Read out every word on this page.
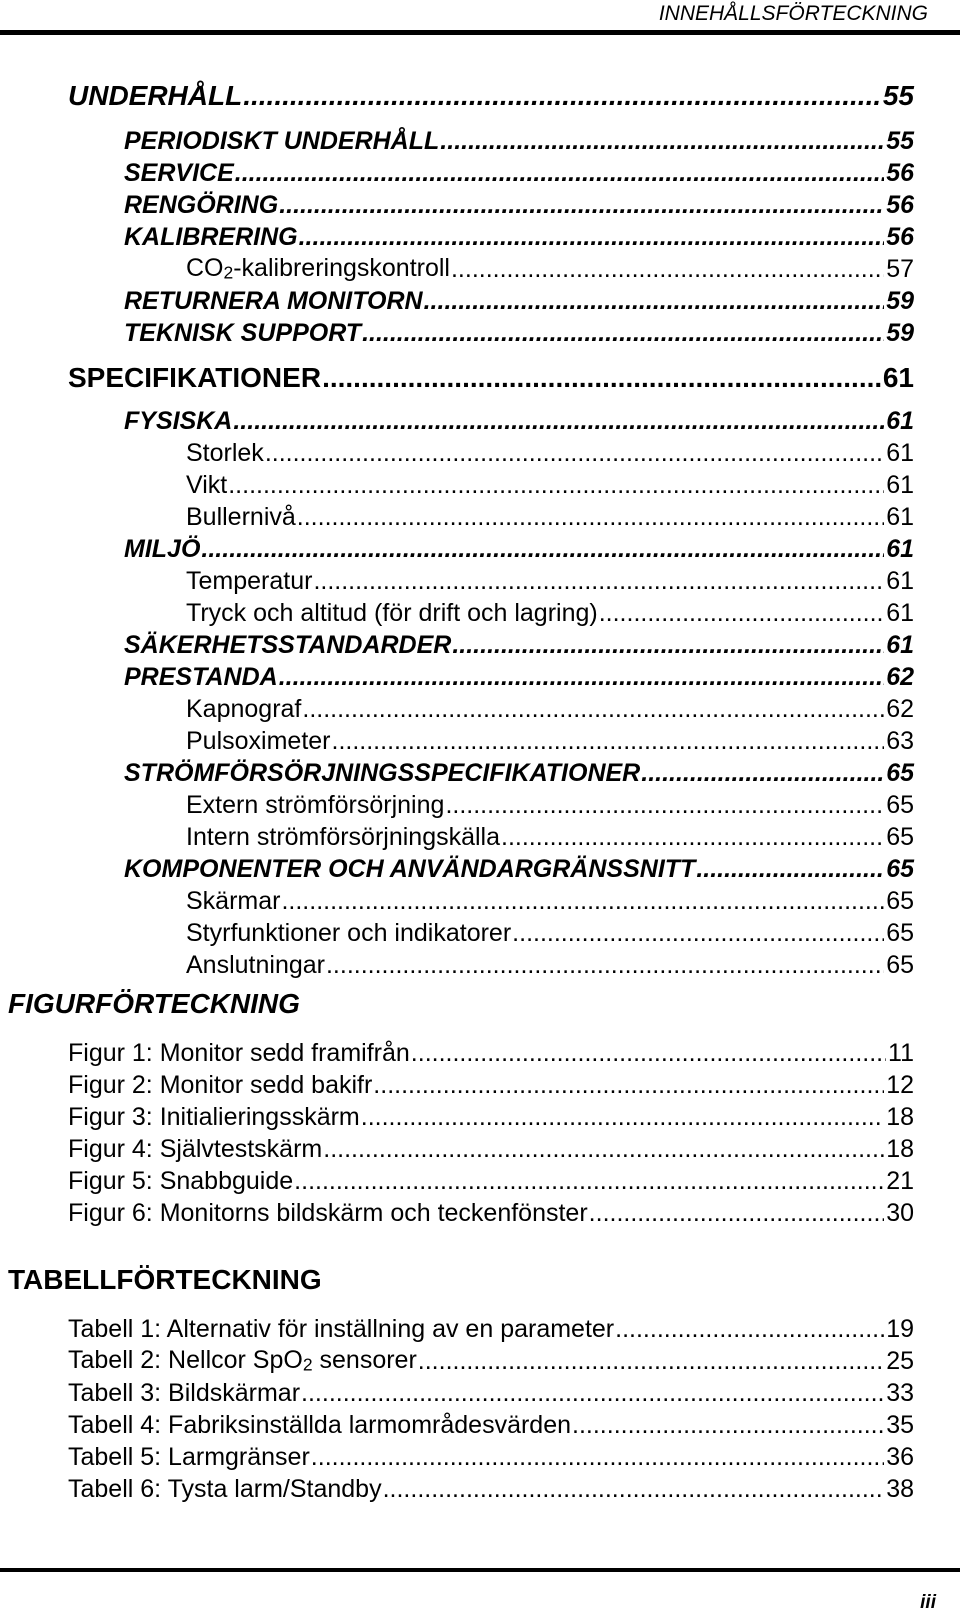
INNEHÅLLSFÖRTECKNING
UNDERHÅLL .....	55
PERIODISKT UNDERHÅLL .....	55
SERVICE .....	56
RENGÖRING .....	56
KALIBRERING .....	56
$CO_2$-kalibreringskontroll .....	57
RETURNERA MONITORN .....	59
TEKNISK SUPPORT .....	59
SPECIFIKATIONER .....	61
FYSISKA .....	61
Storlek .....	61
Vikt .....	61
Bullernivå .....	61
MILJÖ .....	61
Temperatur .....	61
Tryck och altitud (för drift och lagring) .....	61
SÄKERHETSSTANDARDER .....	61
PRESTANDA .....	62
Kapnograf .....	62
Pulsoximeter .....	63
STRÖMFÖRSÖRJNINGSSPECIFIKATIONER .....	65
Extern strömförsörjning .....	65
Intern strömförsörjningskälla .....	65
KOMPONENTER OCH ANVÄNDARGRÄNSSNITT .....	65
Skärmar .....	65
Styrfunktioner och indikatorer .....	65
Anslutningar .....	65
FIGURFÖRTECKNING
Figur 1: Monitor sedd framifrån .....	11
Figur 2: Monitor sedd bakifr .....	12
Figur 3: Initialieringsskärm .....	18
Figur 4: Självtestskärm .....	18
Figur 5: Snabbguide .....	21
Figur 6: Monitorns bildskärm och teckenfönster .....	30
TABELLFÖRTECKNING
Tabell 1: Alternativ för inställning av en parameter .....	19
Tabell 2: Nellcor SpO$_2$ sensorer .....	25
Tabell 3: Bildskärmar .....	33
Tabell 4: Fabriksinställda larmområdesvärden .....	35
Tabell 5: Larmgränser .....	36
Tabell 6: Tysta larm/Standby .....	38
iii
